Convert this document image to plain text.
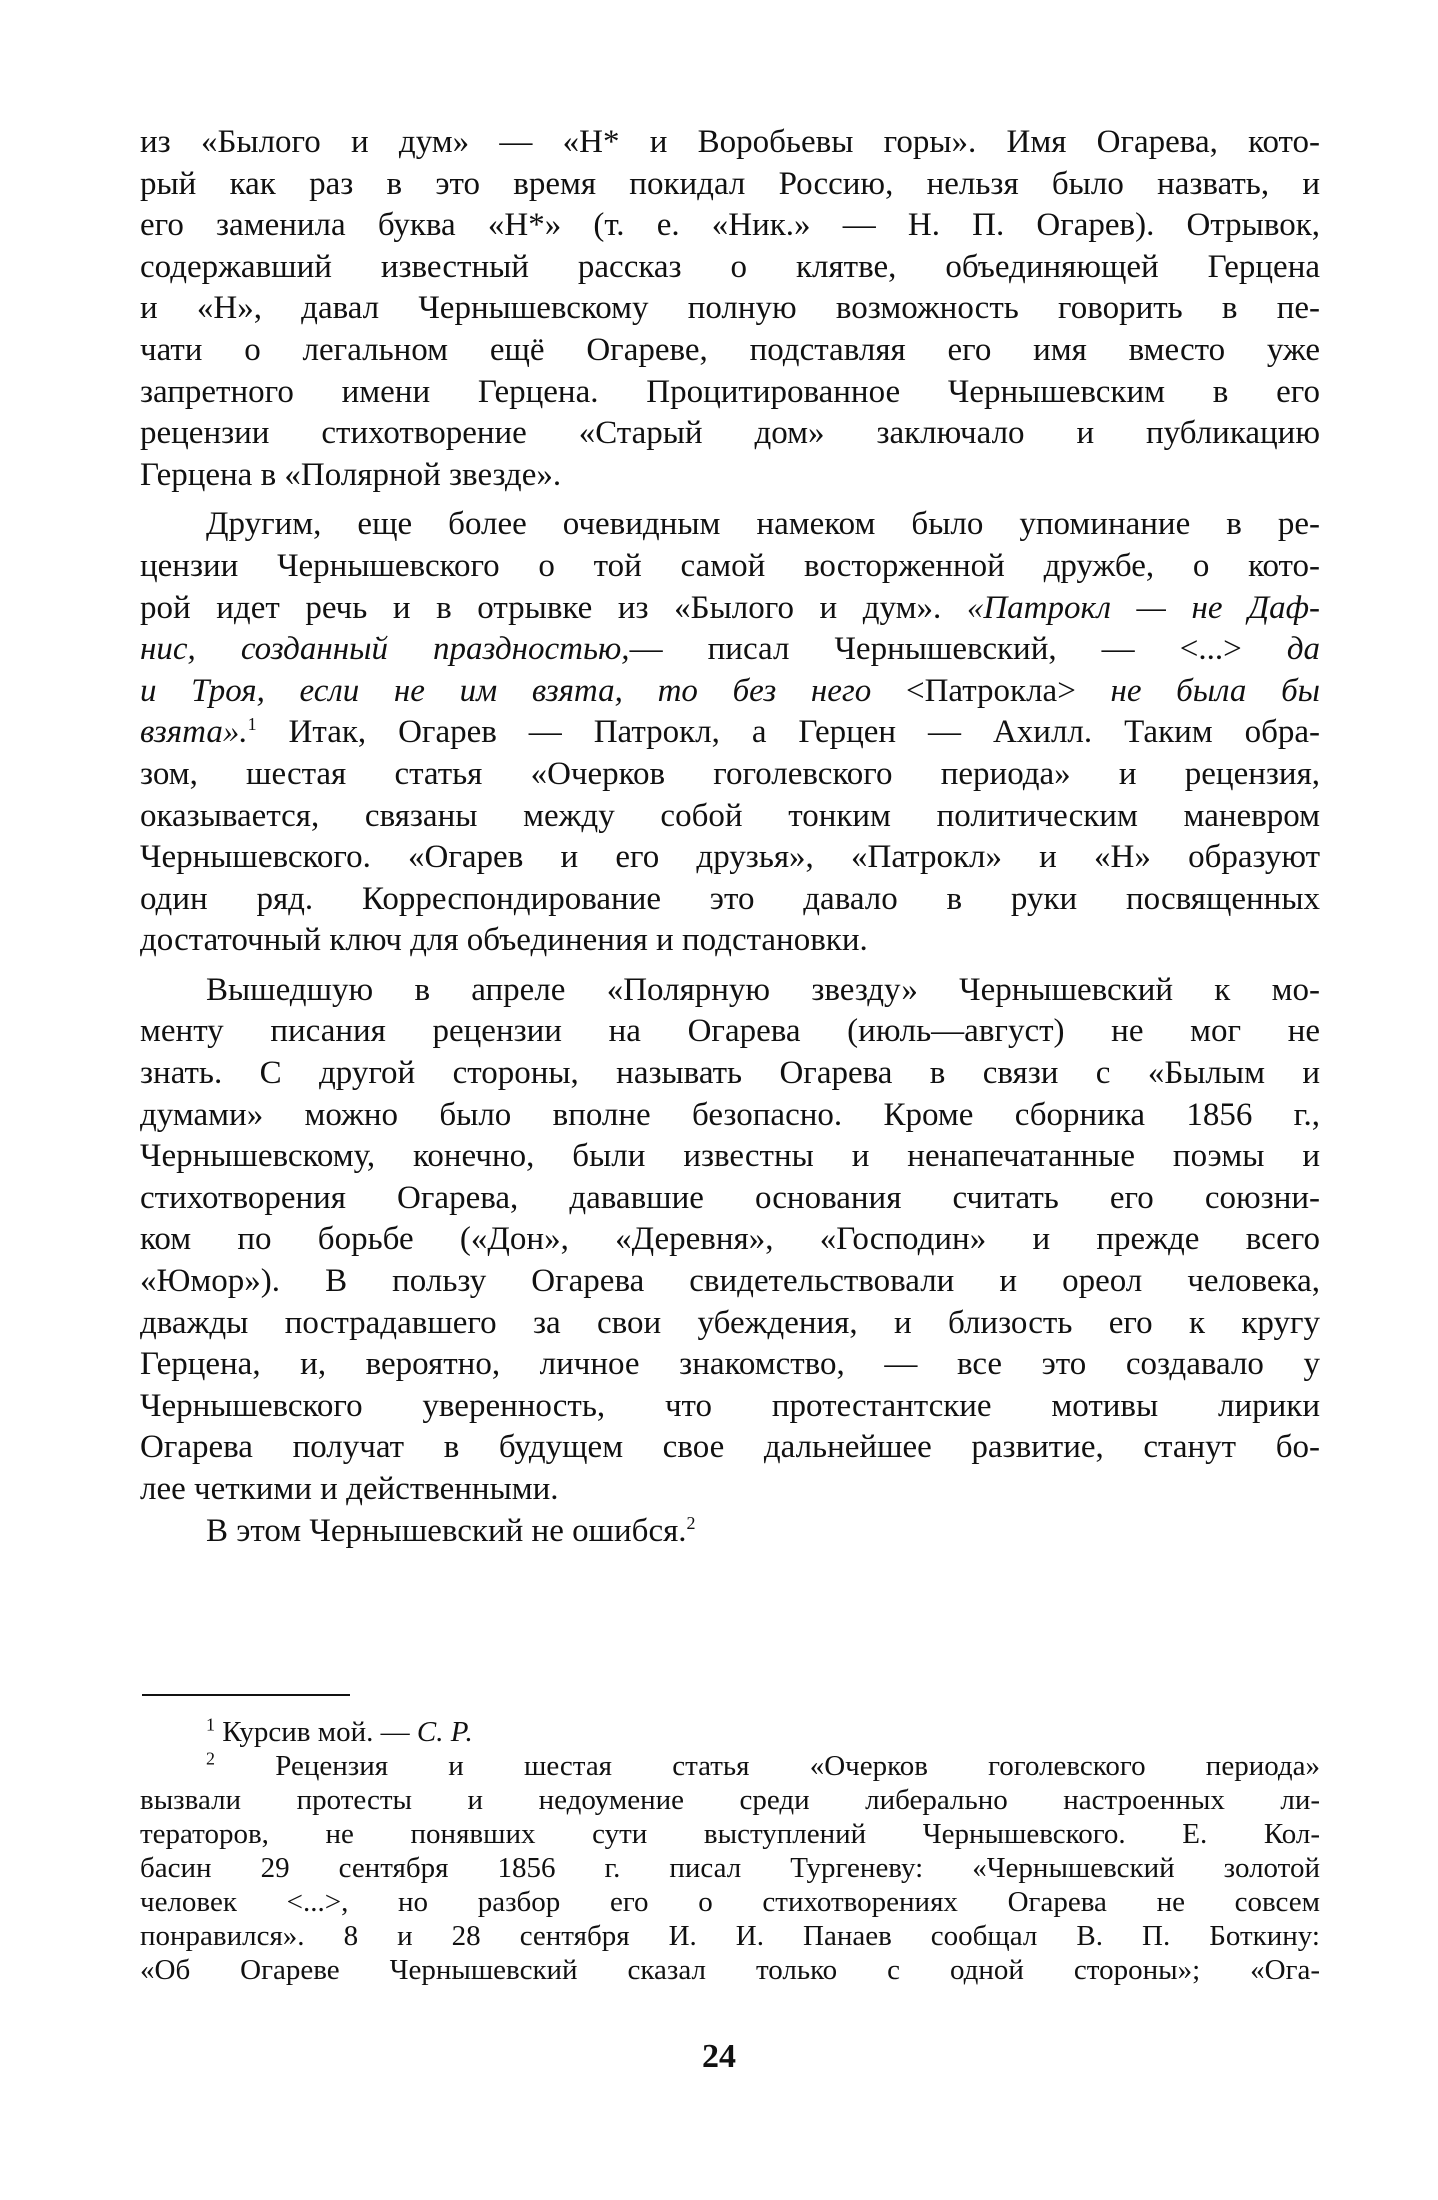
из «Былого и дум» — «Н* и Воробьевы горы». Имя Огарева, кото-
рый как раз в это время покидал Россию, нельзя было назвать, и
его заменила буква «Н*» (т. е. «Ник.» — Н. П. Огарев). Отрывок,
содержавший известный рассказ о клятве, объединяющей Герцена
и «Н», давал Чернышевскому полную возможность говорить в пе-
чати о легальном ещё Огареве, подставляя его имя вместо уже
запретного имени Герцена. Процитированное Чернышевским в его
рецензии стихотворение «Старый дом» заключало и публикацию
Герцена в «Полярной звезде».
Другим, еще более очевидным намеком было упоминание в ре-
цензии Чернышевского о той самой восторженной дружбе, о кото-
рой идет речь и в отрывке из «Былого и дум». «Патрокл — не Даф-
нис, созданный праздностью,— писал Чернышевский, — <...> да
и Троя, если не им взята, то без него <Патрокла> не была бы
взята».$^1$ Итак, Огарев — Патрокл, а Герцен — Ахилл. Таким обра-
зом, шестая статья «Очерков гоголевского периода» и рецензия,
оказывается, связаны между собой тонким политическим маневром
Чернышевского. «Огарев и его друзья», «Патрокл» и «Н» образуют
один ряд. Корреспондирование это давало в руки посвященных
достаточный ключ для объединения и подстановки.
Вышедшую в апреле «Полярную звезду» Чернышевский к мо-
менту писания рецензии на Огарева (июль—август) не мог не
знать. С другой стороны, называть Огарева в связи с «Былым и
думами» можно было вполне безопасно. Кроме сборника 1856 г.,
Чернышевскому, конечно, были известны и ненапечатанные поэмы и
стихотворения Огарева, дававшие основания считать его союзни-
ком по борьбе («Дон», «Деревня», «Господин» и прежде всего
«Юмор»). В пользу Огарева свидетельствовали и ореол человека,
дважды пострадавшего за свои убеждения, и близость его к кругу
Герцена, и, вероятно, личное знакомство, — все это создавало у
Чернышевского уверенность, что протестантские мотивы лирики
Огарева получат в будущем свое дальнейшее развитие, станут бо-
лее четкими и действенными.
В этом Чернышевский не ошибся.$^2$
$^1$ Курсив мой. — С. Р.
$^2$ Рецензия и шестая статья «Очерков гоголевского периода»
вызвали протесты и недоумение среди либерально настроенных ли-
тераторов, не понявших сути выступлений Чернышевского. Е. Кол-
басин 29 сентября 1856 г. писал Тургеневу: «Чернышевский золотой
человек <...>, но разбор его о стихотворениях Огарева не совсем
понравился». 8 и 28 сентября И. И. Панаев сообщал В. П. Боткину:
«Об Огареве Чернышевский сказал только с одной стороны»; «Ога-
24
